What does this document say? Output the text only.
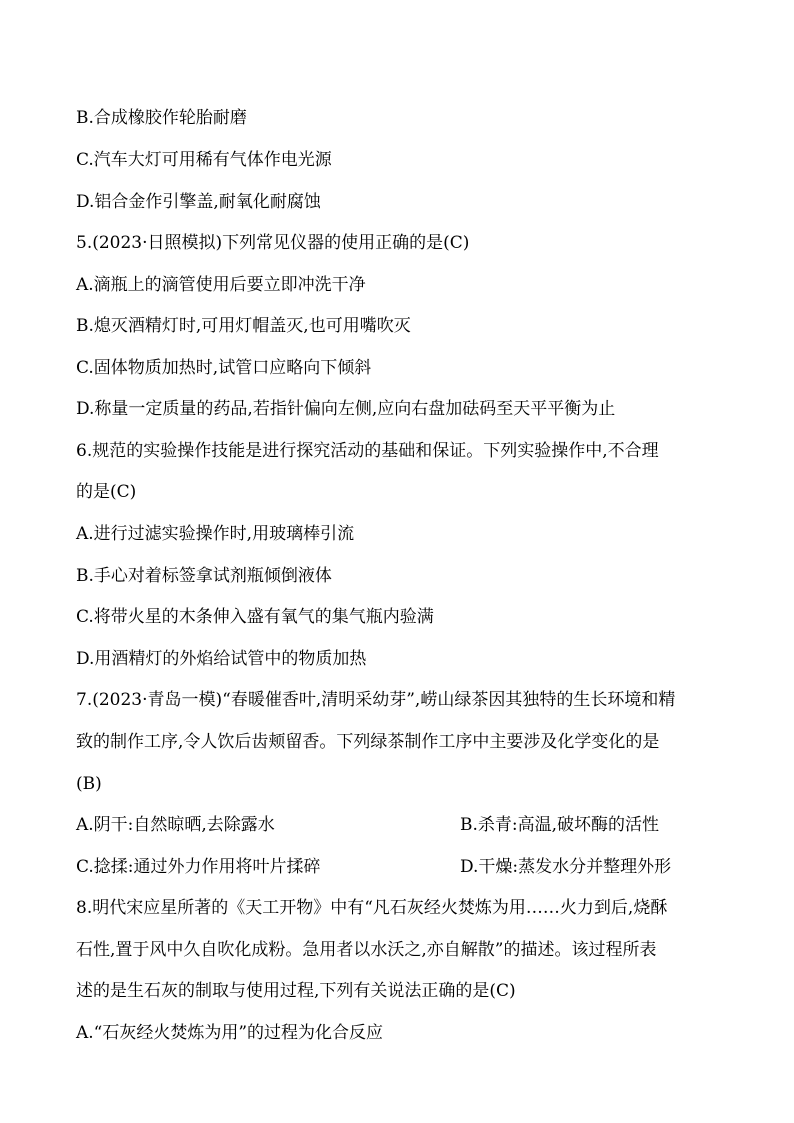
B.合成橡胶作轮胎耐磨
C.汽车大灯可用稀有气体作电光源
D.铝合金作引擎盖,耐氧化耐腐蚀
5.(2023·日照模拟)下列常见仪器的使用正确的是(C)
A.滴瓶上的滴管使用后要立即冲洗干净
B.熄灭酒精灯时,可用灯帽盖灭,也可用嘴吹灭
C.固体物质加热时,试管口应略向下倾斜
D.称量一定质量的药品,若指针偏向左侧,应向右盘加砝码至天平平衡为止
6.规范的实验操作技能是进行探究活动的基础和保证。下列实验操作中,不合理
的是(C)
A.进行过滤实验操作时,用玻璃棒引流
B.手心对着标签拿试剂瓶倾倒液体
C.将带火星的木条伸入盛有氧气的集气瓶内验满
D.用酒精灯的外焰给试管中的物质加热
7.(2023·青岛一模)“春暖催香叶,清明采幼芽”,崂山绿茶因其独特的生长环境和精
致的制作工序,令人饮后齿颊留香。下列绿茶制作工序中主要涉及化学变化的是
(B)
A.阴干:自然晾晒,去除露水	B.杀青:高温,破坏酶的活性
C.捻揉:通过外力作用将叶片揉碎	D.干燥:蒸发水分并整理外形
8.明代宋应星所著的《天工开物》中有“凡石灰经火焚炼为用……火力到后,烧酥
石性,置于风中久自吹化成粉。急用者以水沃之,亦自解散”的描述。该过程所表
述的是生石灰的制取与使用过程,下列有关说法正确的是(C)
A.“石灰经火焚炼为用”的过程为化合反应
